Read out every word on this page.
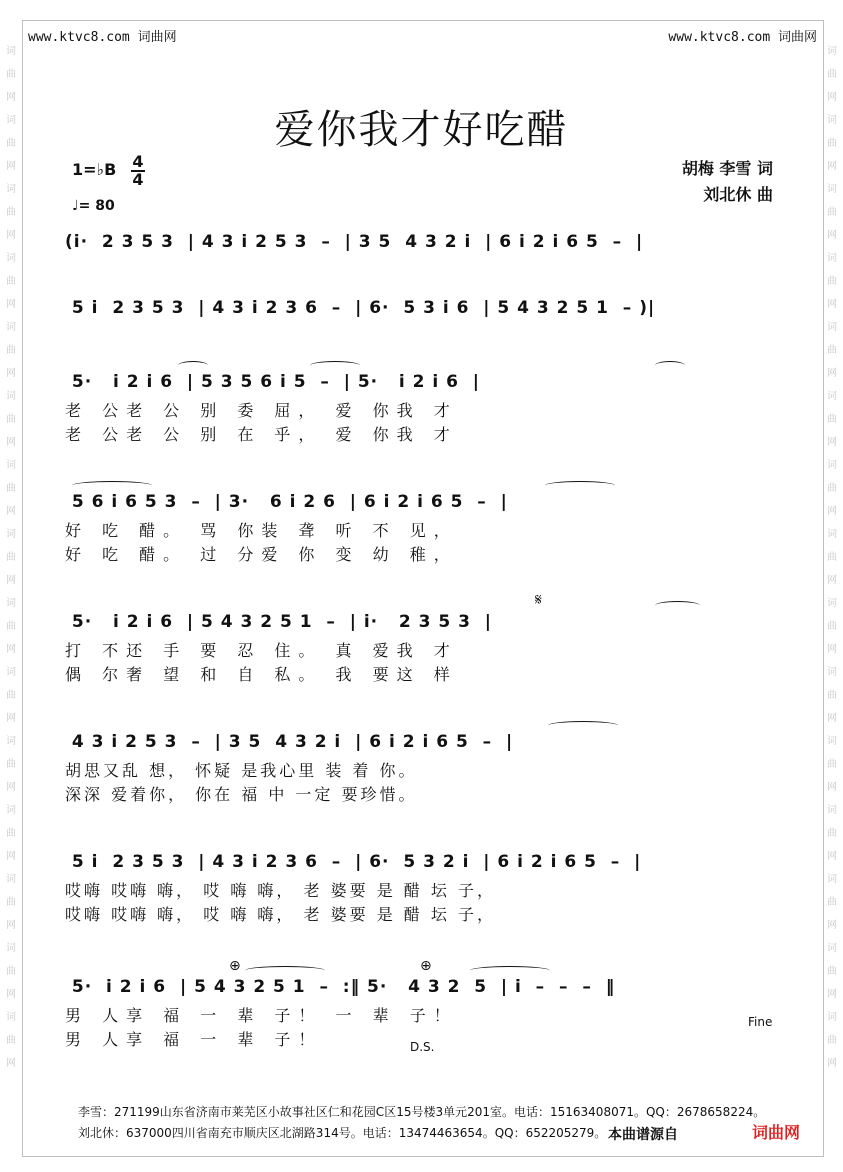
www.ktvc8.com 词曲网	www.ktvc8.com 词曲网
词
曲
网
词
曲
网
词
曲
网
词
曲
网
词
曲
网
词
曲
网
词
曲
网
词
曲
网
词
曲
网
词
曲
网
词
曲
网
词
曲
网
词
曲
网
词
曲
网
词
曲
网

词
曲
网
词
曲
网
词
曲
网
词
曲
网
词
曲
网
词
曲
网
词
曲
网
词
曲
网
词
曲
网
词
曲
网
词
曲
网
词
曲
网
词
曲
网
词
曲
网
词
曲
网

爱你我才好吃醋
1=♭B 4
4
♩= 80
胡梅 李雪 词
刘北休 曲
(i·  2 3 5 3  | 4 3 i 2 5 3  –  | 3 5  4 3 2 i  | 6 i 2 i 6 5  –  |
5 i  2 3 5 3  | 4 3 i 2 3 6  –  | 6·  5 3 i 6  | 5 4 3 2 5 1  – )|
5·   i 2 i 6  | 5 3 5 6 i 5  –  | 5·   i 2 i 6  |
老 公老 公 别 委 屈， 爱 你我 才
老 公老 公 别 在 乎， 爱 你我 才
5 6 i 6 5 3  –  | 3·   6 i 2 6  | 6 i 2 i 6 5  –  |
好 吃 醋。 骂 你装 聋 听 不 见，
好 吃 醋。 过 分爱 你 变 幼 稚，
5·   i 2 i 6  | 5 4 3 2 5 1  –  | i·   2 3 5 3  |
打 不还 手 要 忍 住。 真 爱我 才
偶 尔奢 望 和 自 私。 我 要这 样
4 3 i 2 5 3  –  | 3 5  4 3 2 i  | 6 i 2 i 6 5  –  |
胡思又乱 想， 怀疑 是我心里 装 着 你。
深深 爱着你， 你在 福 中 一定 要珍惜。
5 i  2 3 5 3  | 4 3 i 2 3 6  –  | 6·  5 3 2 i  | 6 i 2 i 6 5  –  |
哎嗨 哎嗨 嗨， 哎 嗨 嗨， 老 婆要 是 醋 坛 子，
哎嗨 哎嗨 嗨， 哎 嗨 嗨， 老 婆要 是 醋 坛 子，
5·  i 2 i 6  | 5 4 3 2 5 1  –  :‖ 5·   4 3 2  5  | i  –  –  –  ‖
男 人享 福 一 辈 子！ 一 辈 子！
男 人享 福 一 辈 子！
𝄋
⊕	⊕
Fine
D.S.
李雪：271199山东省济南市莱芜区小故事社区仁和花园C区15号楼3单元201室。电话：15163408071。QQ：2678658224。
刘北休：637000四川省南充市顺庆区北湖路314号。电话：13474463654。QQ：652205279。 本曲谱源自	词曲网
